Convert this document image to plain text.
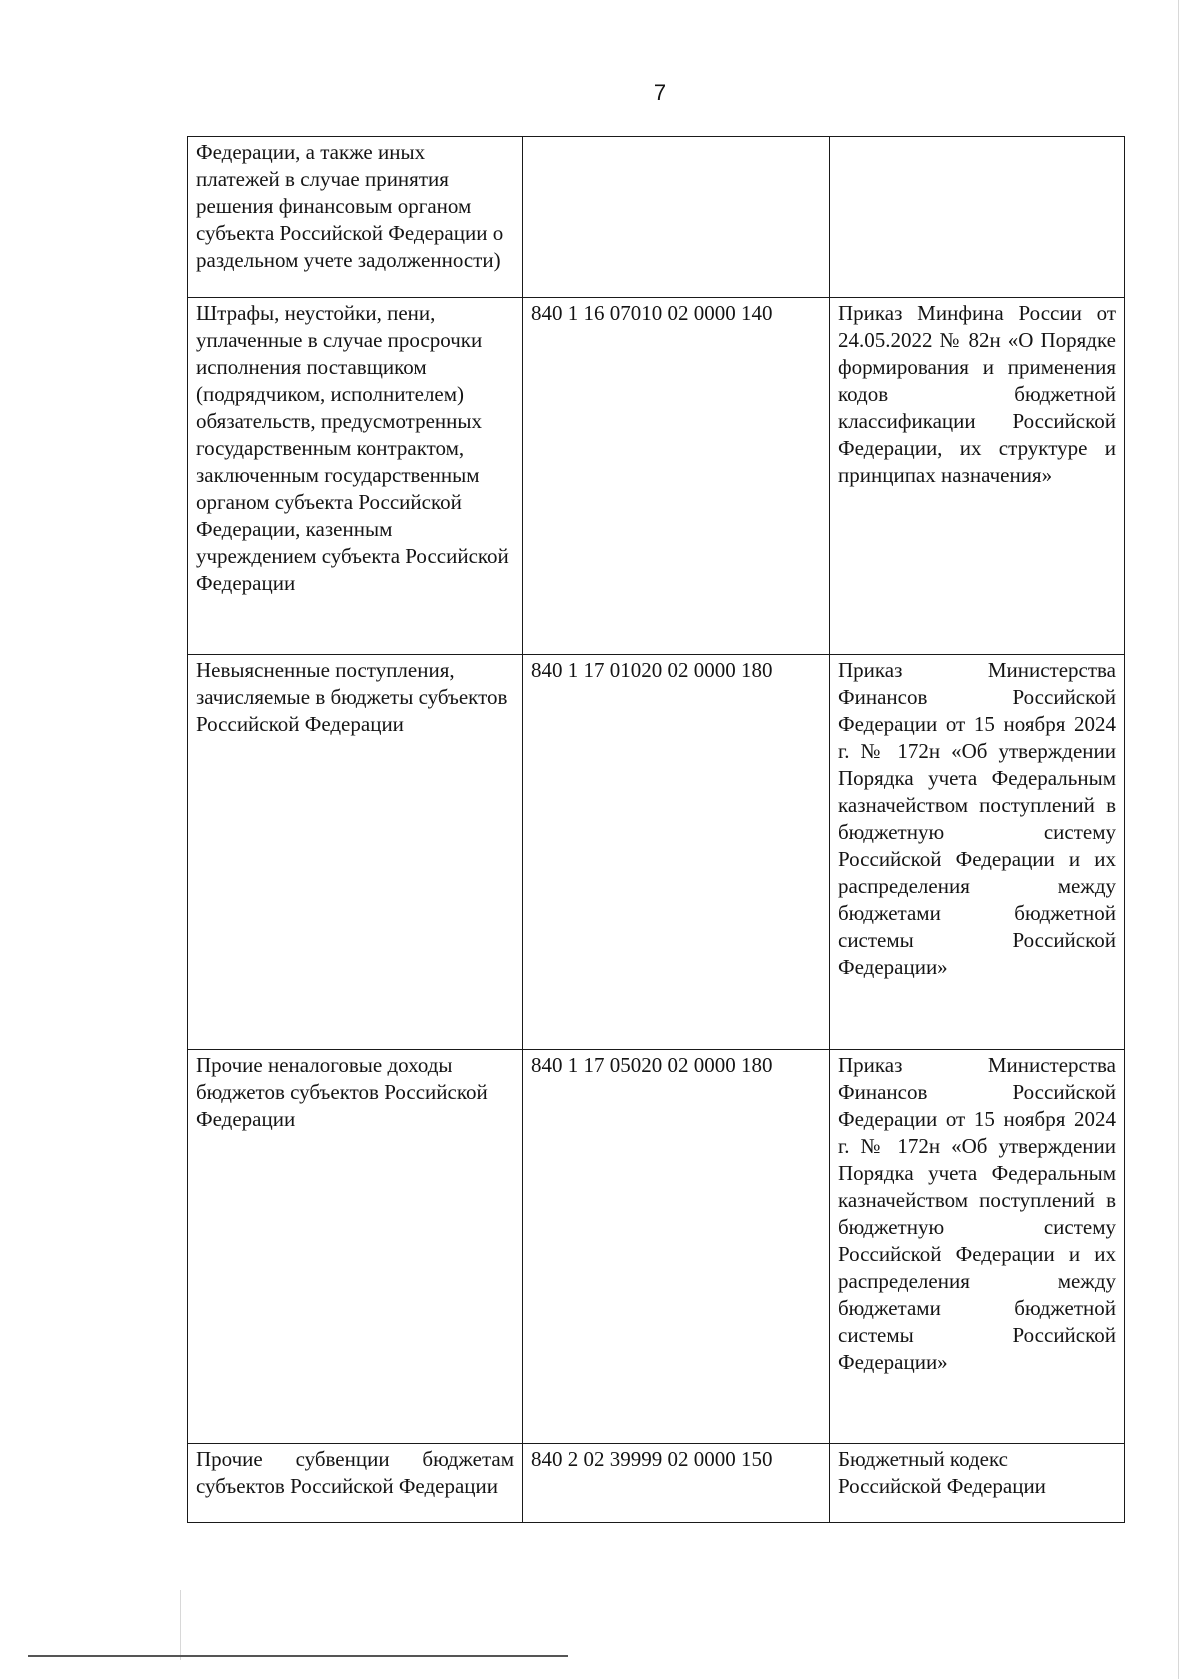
7
Федерации, а также иных платежей в случае принятия решения финансовым органом субъекта Российской Федерации о раздельном учете задолженности)		

Штрафы, неустойки, пени, уплаченные в случае просрочки исполнения поставщиком (подрядчиком, исполнителем) обязательств, предусмотренных государственным контрактом, заключенным государственным органом субъекта Российской Федерации, казенным учреждением субъекта Российской Федерации	840 1 16 07010 02 0000 140	Приказ Минфина России от 24.05.2022 № 82н «О Порядке формирования и применения кодов бюджетной классификации Российской Федерации, их структуре и принципах назначения»

Невыясненные поступления, зачисляемые в бюджеты субъектов Российской Федерации	840 1 17 01020 02 0000 180	Приказ Министерства Финансов Российской Федерации от 15 ноября 2024 г. № 172н «Об утверждении Порядка учета Федеральным казначейством поступлений в бюджетную систему Российской Федерации и их распределения между бюджетами бюджетной системы Российской Федерации»

Прочие неналоговые доходы бюджетов субъектов Российской Федерации	840 1 17 05020 02 0000 180	Приказ Министерства Финансов Российской Федерации от 15 ноября 2024 г. № 172н «Об утверждении Порядка учета Федеральным казначейством поступлений в бюджетную систему Российской Федерации и их распределения между бюджетами бюджетной системы Российской Федерации»

Прочие субвенции бюджетам субъектов Российской Федерации	840 2 02 39999 02 0000 150	Бюджетный кодекс Российской Федерации
